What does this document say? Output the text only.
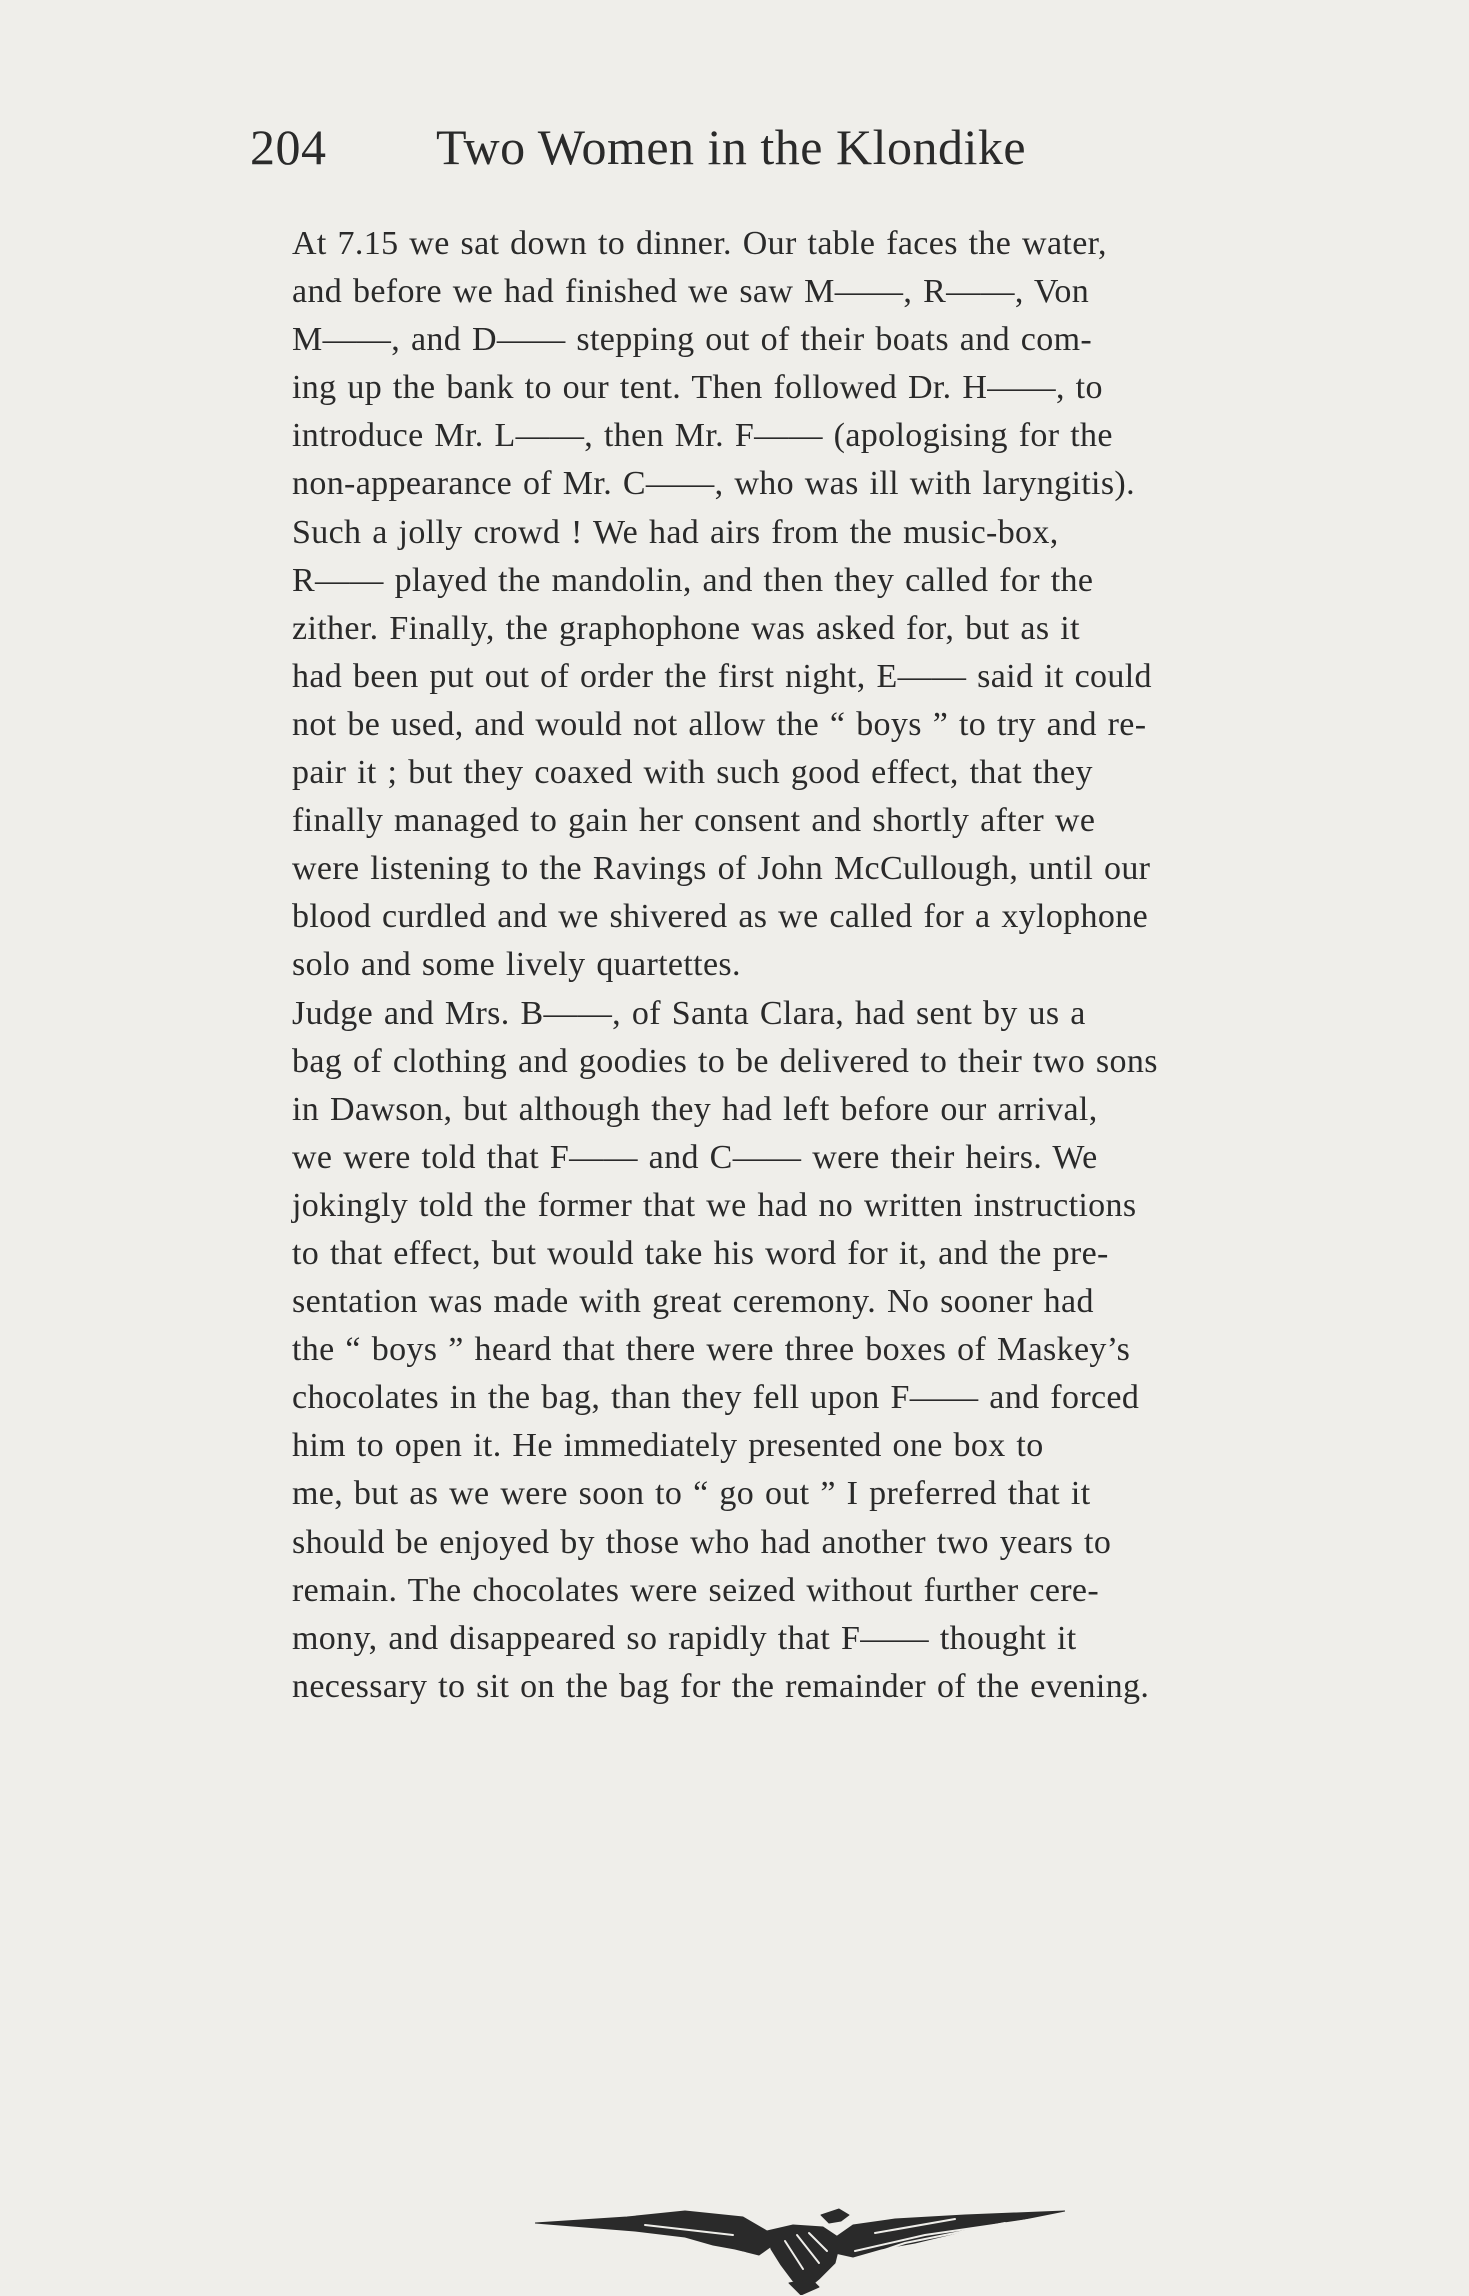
204 Two Women in the Klondike

At 7.15 we sat down to dinner. Our table faces the water,
and before we had finished we saw M——, R——, Von
M——, and D—— stepping out of their boats and com-
ing up the bank to our tent. Then followed Dr. H——, to
introduce Mr. L——, then Mr. F—— (apologising for the
non-appearance of Mr. C——, who was ill with laryngitis).
Such a jolly crowd ! We had airs from the music-box,
R—— played the mandolin, and then they called for the
zither. Finally, the graphophone was asked for, but as it
had been put out of order the first night, E—— said it could
not be used, and would not allow the “ boys ” to try and re-
pair it ; but they coaxed with such good effect, that they
finally managed to gain her consent and shortly after we
were listening to the Ravings of John McCullough, until our
blood curdled and we shivered as we called for a xylophone
solo and some lively quartettes.

Judge and Mrs. B——, of Santa Clara, had sent by us a
bag of clothing and goodies to be delivered to their two sons
in Dawson, but although they had left before our arrival,
we were told that F—— and C—— were their heirs. We
jokingly told the former that we had no written instructions
to that effect, but would take his word for it, and the pre-
sentation was made with great ceremony. No sooner had
the “ boys ” heard that there were three boxes of Maskey’s
chocolates in the bag, than they fell upon F—— and forced
him to open it. He immediately presented one box to
me, but as we were soon to “ go out ” I preferred that it
should be enjoyed by those who had another two years to
remain. The chocolates were seized without further cere-
mony, and disappeared so rapidly that F—— thought it
necessary to sit on the bag for the remainder of the evening.
